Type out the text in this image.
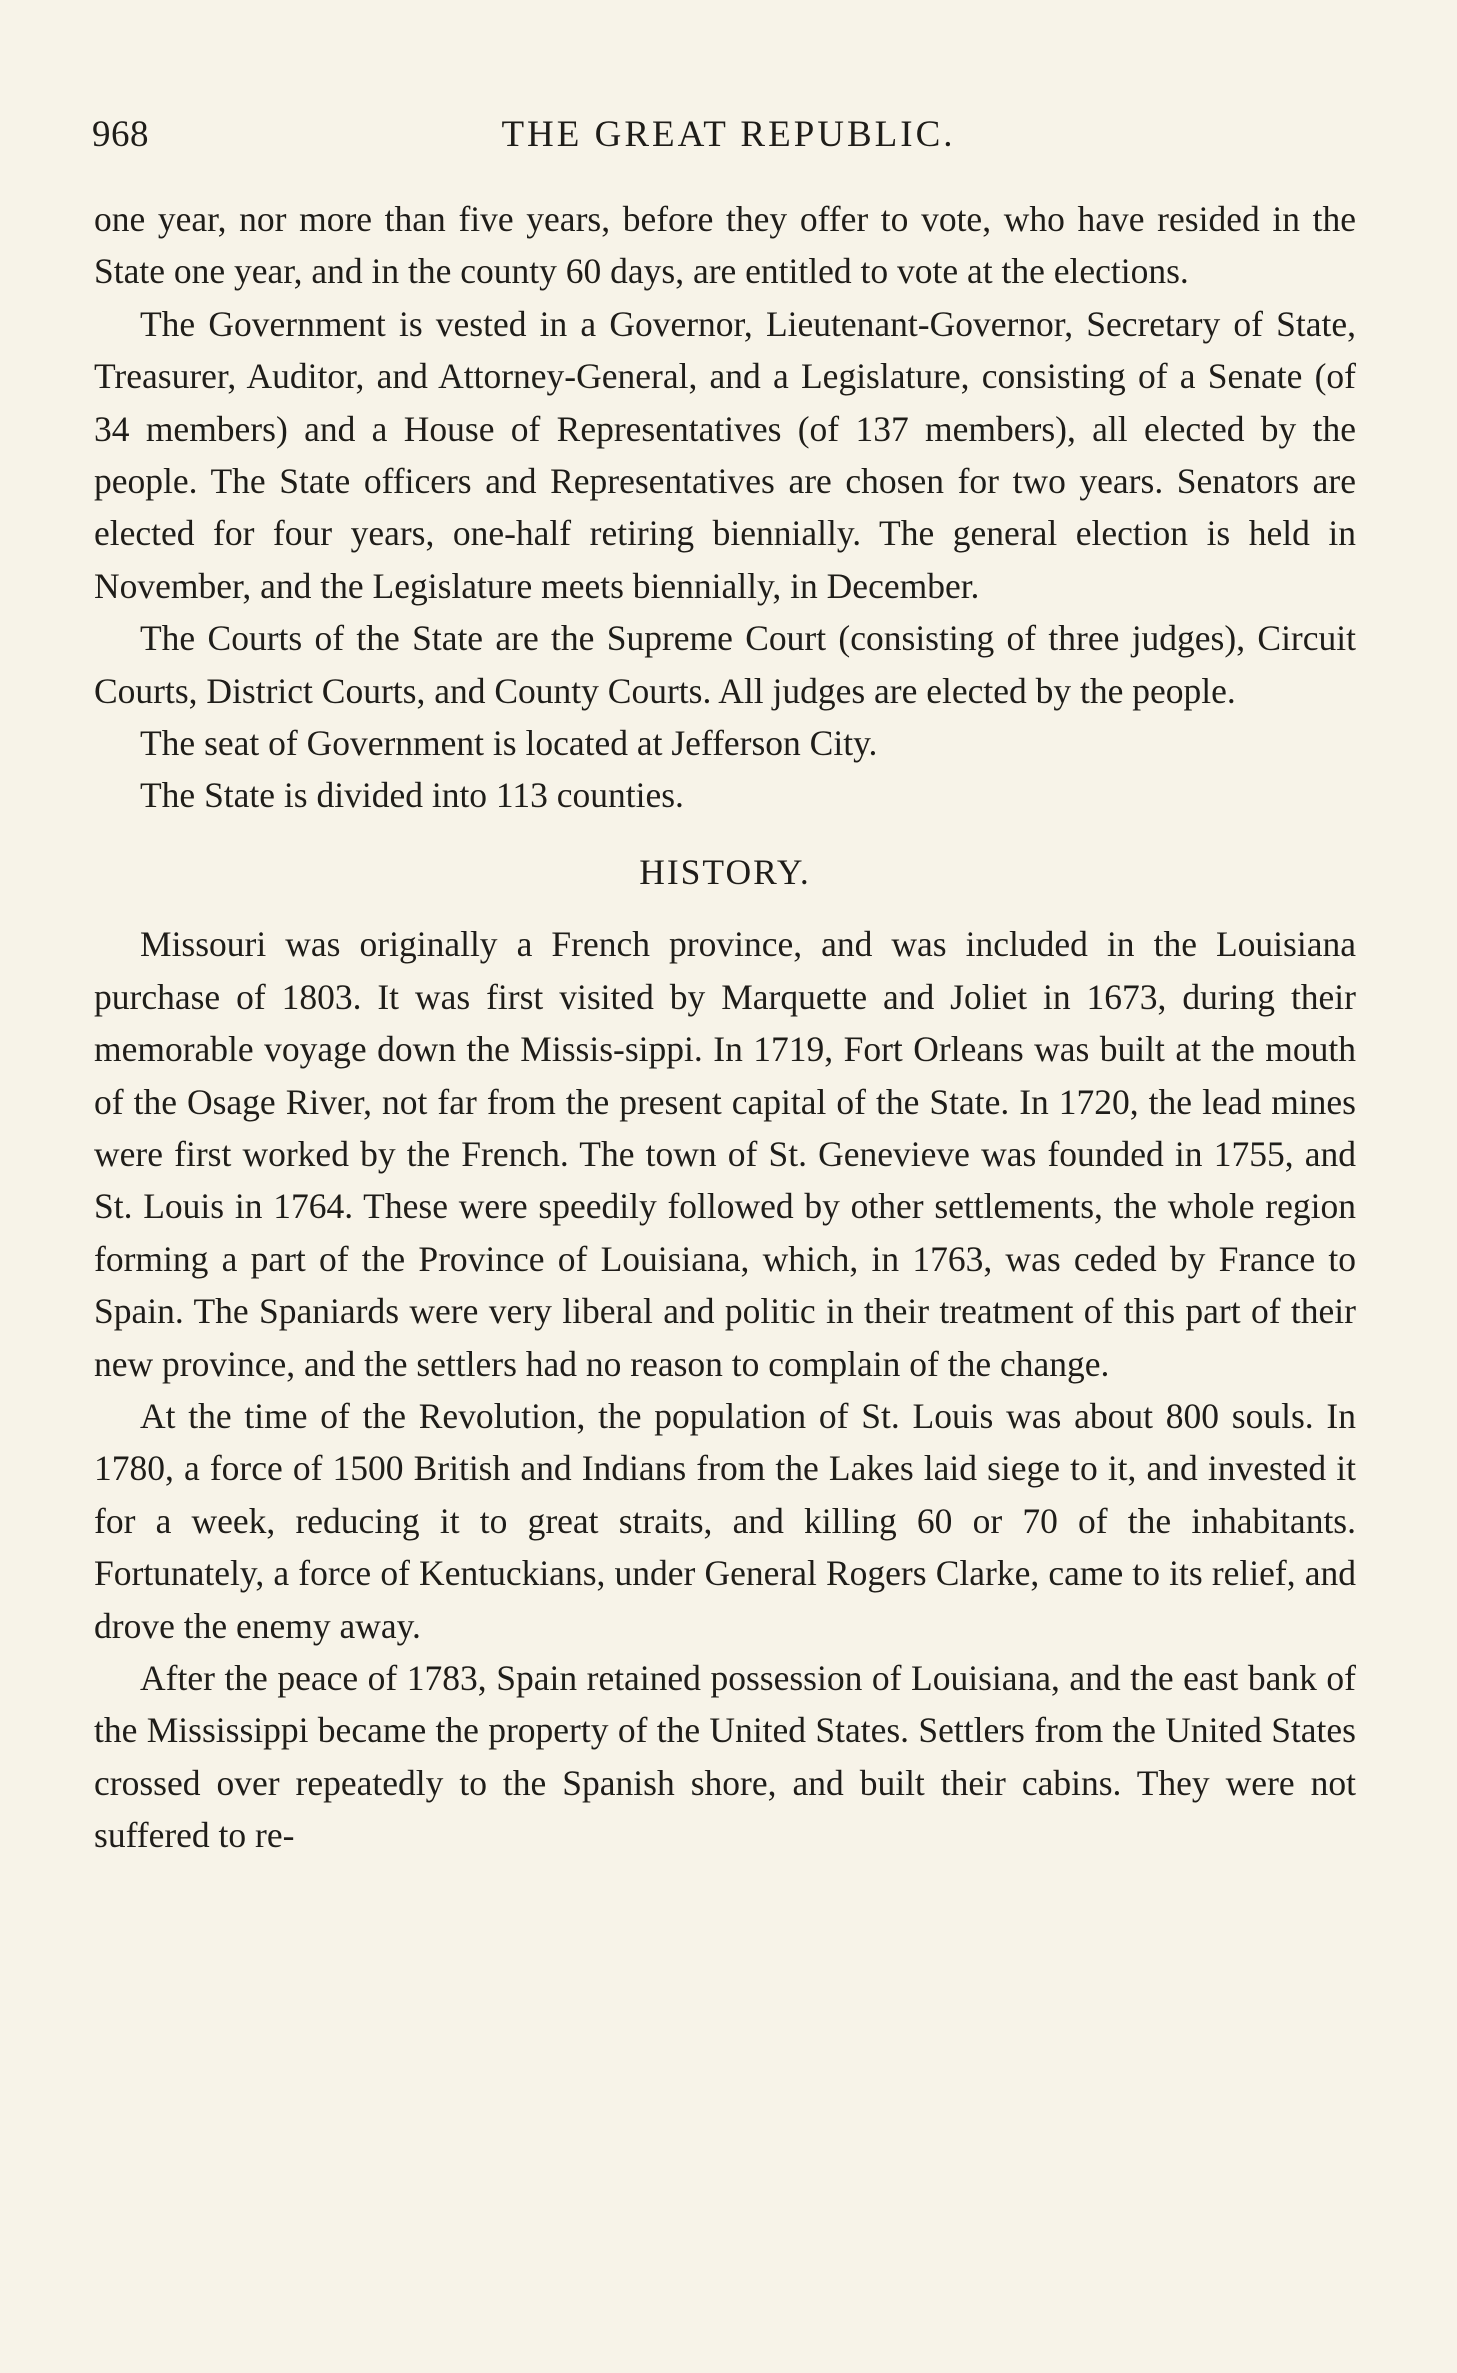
968	THE GREAT REPUBLIC.

one year, nor more than five years, before they offer to vote, who have resided in the State one year, and in the county 60 days, are entitled to vote at the elections.

The Government is vested in a Governor, Lieutenant-Governor, Secretary of State, Treasurer, Auditor, and Attorney-General, and a Legislature, consisting of a Senate (of 34 members) and a House of Representatives (of 137 members), all elected by the people. The State officers and Representatives are chosen for two years. Senators are elected for four years, one-half retiring biennially. The general election is held in November, and the Legislature meets biennially, in December.

The Courts of the State are the Supreme Court (consisting of three judges), Circuit Courts, District Courts, and County Courts. All judges are elected by the people.

The seat of Government is located at Jefferson City.

The State is divided into 113 counties.

HISTORY.

Missouri was originally a French province, and was included in the Louisiana purchase of 1803. It was first visited by Marquette and Joliet in 1673, during their memorable voyage down the Missis-sippi. In 1719, Fort Orleans was built at the mouth of the Osage River, not far from the present capital of the State. In 1720, the lead mines were first worked by the French. The town of St. Genevieve was founded in 1755, and St. Louis in 1764. These were speedily followed by other settlements, the whole region forming a part of the Province of Louisiana, which, in 1763, was ceded by France to Spain. The Spaniards were very liberal and politic in their treatment of this part of their new province, and the settlers had no reason to complain of the change.

At the time of the Revolution, the population of St. Louis was about 800 souls. In 1780, a force of 1500 British and Indians from the Lakes laid siege to it, and invested it for a week, reducing it to great straits, and killing 60 or 70 of the inhabitants. Fortunately, a force of Kentuckians, under General Rogers Clarke, came to its relief, and drove the enemy away.

After the peace of 1783, Spain retained possession of Louisiana, and the east bank of the Mississippi became the property of the United States. Settlers from the United States crossed over repeatedly to the Spanish shore, and built their cabins. They were not suffered to re-
